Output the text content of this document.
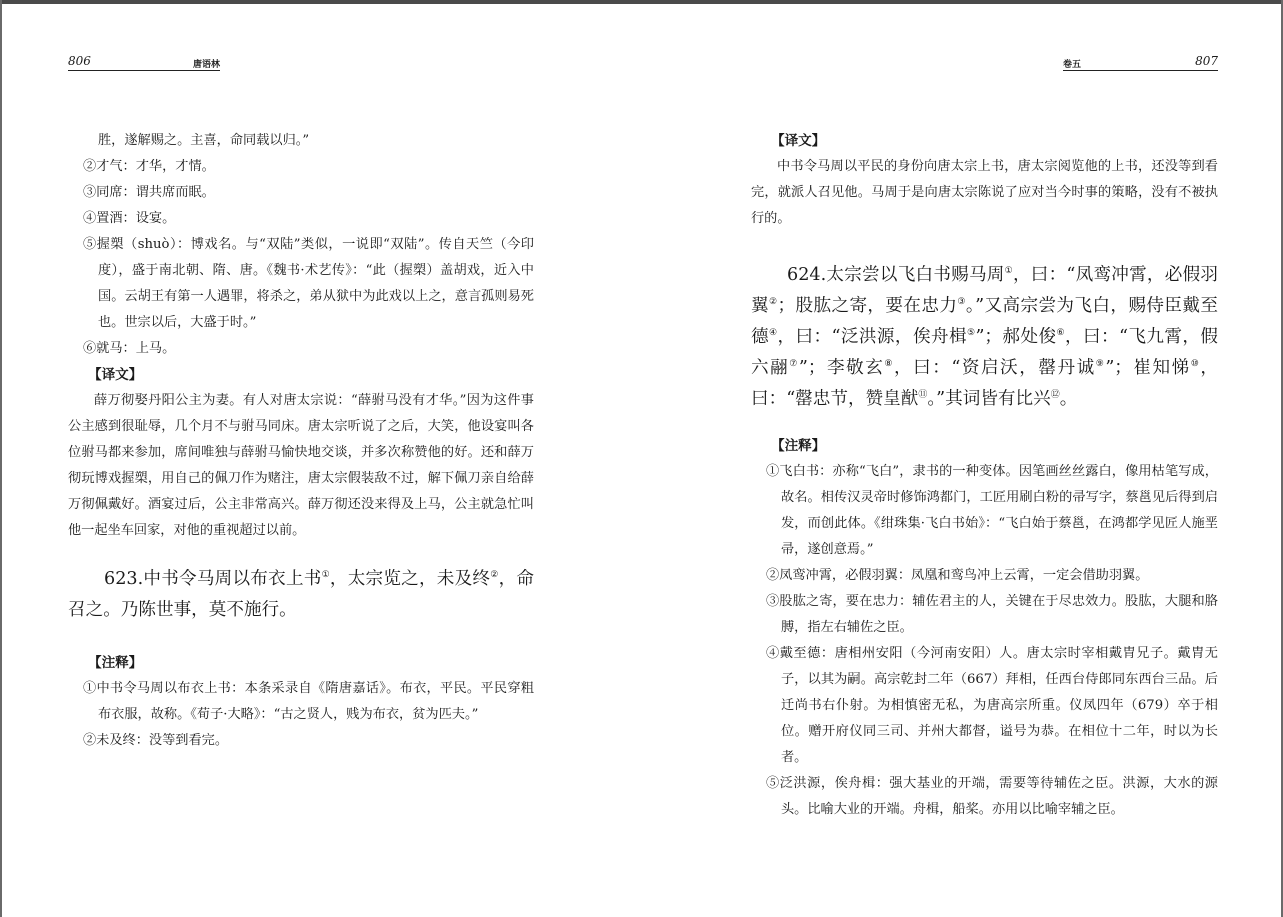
806	唐语林

胜，遂解赐之。主喜，命同载以归。”

②才气：才华，才情。

③同席：谓共席而眠。

④置酒：设宴。

⑤握槊（shuò）：博戏名。与“双陆”类似，一说即“双陆”。传自天竺（今印度），盛于南北朝、隋、唐。《魏书·术艺传》：“此（握槊）盖胡戏，近入中国。云胡王有第一人遇罪，将杀之，弟从狱中为此戏以上之，意言孤则易死也。世宗以后，大盛于时。”

⑥就马：上马。

【译文】

薛万彻娶丹阳公主为妻。有人对唐太宗说：“薛驸马没有才华。”因为这件事公主感到很耻辱，几个月不与驸马同床。唐太宗听说了之后，大笑，他设宴叫各位驸马都来参加，席间唯独与薛驸马愉快地交谈，并多次称赞他的好。还和薛万彻玩博戏握槊，用自己的佩刀作为赌注，唐太宗假装敌不过，解下佩刀亲自给薛万彻佩戴好。酒宴过后，公主非常高兴。薛万彻还没来得及上马，公主就急忙叫他一起坐车回家，对他的重视超过以前。

623.中书令马周以布衣上书①，太宗览之，未及终②，命召之。乃陈世事，莫不施行。

【注释】

①中书令马周以布衣上书：本条采录自《隋唐嘉话》。布衣，平民。平民穿粗布衣服，故称。《荀子·大略》：“古之贤人，贱为布衣，贫为匹夫。”

②未及终：没等到看完。

卷五	807

【译文】

中书令马周以平民的身份向唐太宗上书，唐太宗阅览他的上书，还没等到看完，就派人召见他。马周于是向唐太宗陈说了应对当今时事的策略，没有不被执行的。

624.太宗尝以飞白书赐马周①，曰：“凤鸾冲霄，必假羽翼②；股肱之寄，要在忠力③。”又高宗尝为飞白，赐侍臣戴至德④，曰：“泛洪源，俟舟楫⑤”；郝处俊⑥，曰：“飞九霄，假六翮⑦”；李敬玄⑧，曰：“资启沃，罄丹诚⑨”；崔知悌⑩，曰：“罄忠节，赞皇猷⑪。”其词皆有比兴⑫。

【注释】

①飞白书：亦称“飞白”，隶书的一种变体。因笔画丝丝露白，像用枯笔写成，故名。相传汉灵帝时修饰鸿都门，工匠用刷白粉的帚写字，蔡邕见后得到启发，而创此体。《绀珠集·飞白书始》：“飞白始于蔡邕，在鸿都学见匠人施垩帚，遂创意焉。”

②凤鸾冲霄，必假羽翼：凤凰和鸾鸟冲上云霄，一定会借助羽翼。

③股肱之寄，要在忠力：辅佐君主的人，关键在于尽忠效力。股肱，大腿和胳膊，指左右辅佐之臣。

④戴至德：唐相州安阳（今河南安阳）人。唐太宗时宰相戴胄兄子。戴胄无子，以其为嗣。高宗乾封二年（667）拜相，任西台侍郎同东西台三品。后迁尚书右仆射。为相慎密无私，为唐高宗所重。仪凤四年（679）卒于相位。赠开府仪同三司、并州大都督，谥号为恭。在相位十二年，时以为长者。

⑤泛洪源，俟舟楫：强大基业的开端，需要等待辅佐之臣。洪源，大水的源头。比喻大业的开端。舟楫，船桨。亦用以比喻宰辅之臣。
